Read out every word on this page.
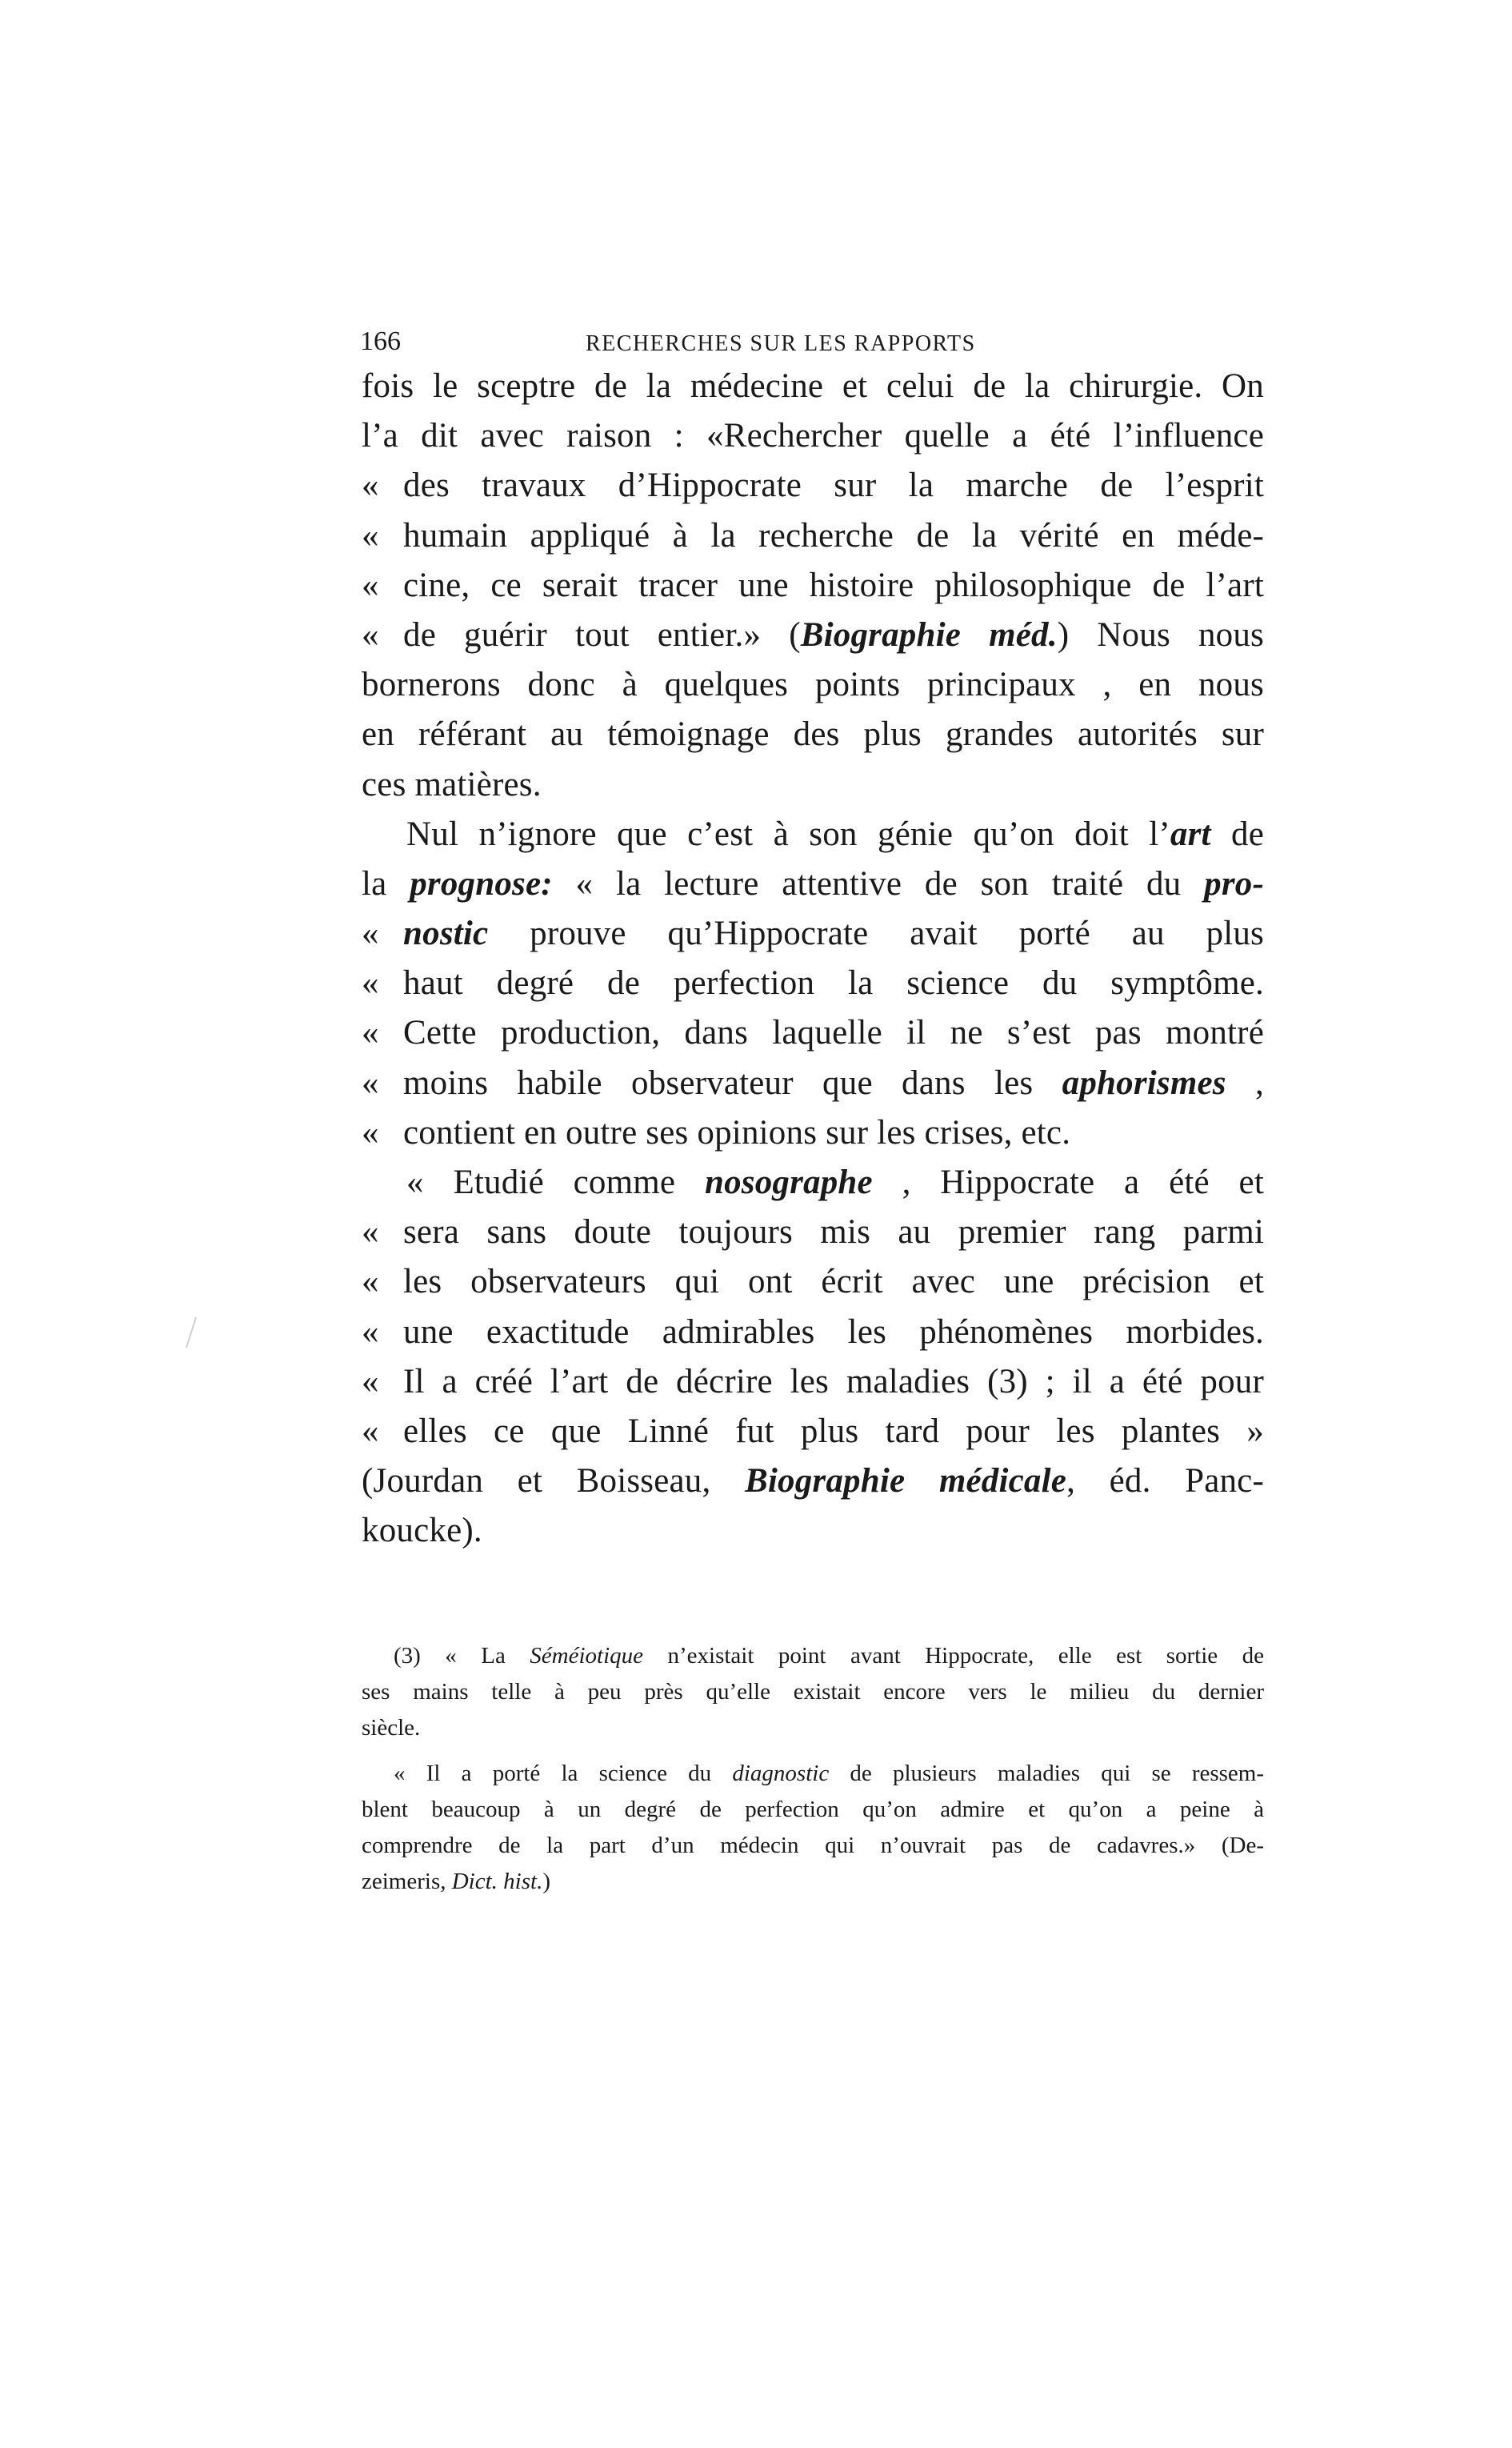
166	RECHERCHES SUR LES RAPPORTS
fois le sceptre de la médecine et celui de la chirurgie. On
l’a dit avec raison : «Rechercher quelle a été l’influence
« des travaux d’Hippocrate sur la marche de l’esprit
« humain appliqué à la recherche de la vérité en méde-
« cine, ce serait tracer une histoire philosophique de l’art
« de guérir tout entier.» (Biographie méd.) Nous nous
bornerons donc à quelques points principaux , en nous
en référant au témoignage des plus grandes autorités sur
ces matières.
Nul n’ignore que c’est à son génie qu’on doit l’art de
la prognose: « la lecture attentive de son traité du pro-
« nostic prouve qu’Hippocrate avait porté au plus
« haut degré de perfection la science du symptôme.
« Cette production, dans laquelle il ne s’est pas montré
« moins habile observateur que dans les aphorismes ,
« contient en outre ses opinions sur les crises, etc.
« Etudié comme nosographe , Hippocrate a été et
« sera sans doute toujours mis au premier rang parmi
« les observateurs qui ont écrit avec une précision et
« une exactitude admirables les phénomènes morbides.
« Il a créé l’art de décrire les maladies (3) ; il a été pour
« elles ce que Linné fut plus tard pour les plantes »
(Jourdan et Boisseau, Biographie médicale, éd. Panc-
koucke).
(3) « La Séméiotique n’existait point avant Hippocrate, elle est sortie de
ses mains telle à peu près qu’elle existait encore vers le milieu du dernier
siècle.
« Il a porté la science du diagnostic de plusieurs maladies qui se ressem-
blent beaucoup à un degré de perfection qu’on admire et qu’on a peine à
comprendre de la part d’un médecin qui n’ouvrait pas de cadavres.» (De-
zeimeris, Dict. hist.)
